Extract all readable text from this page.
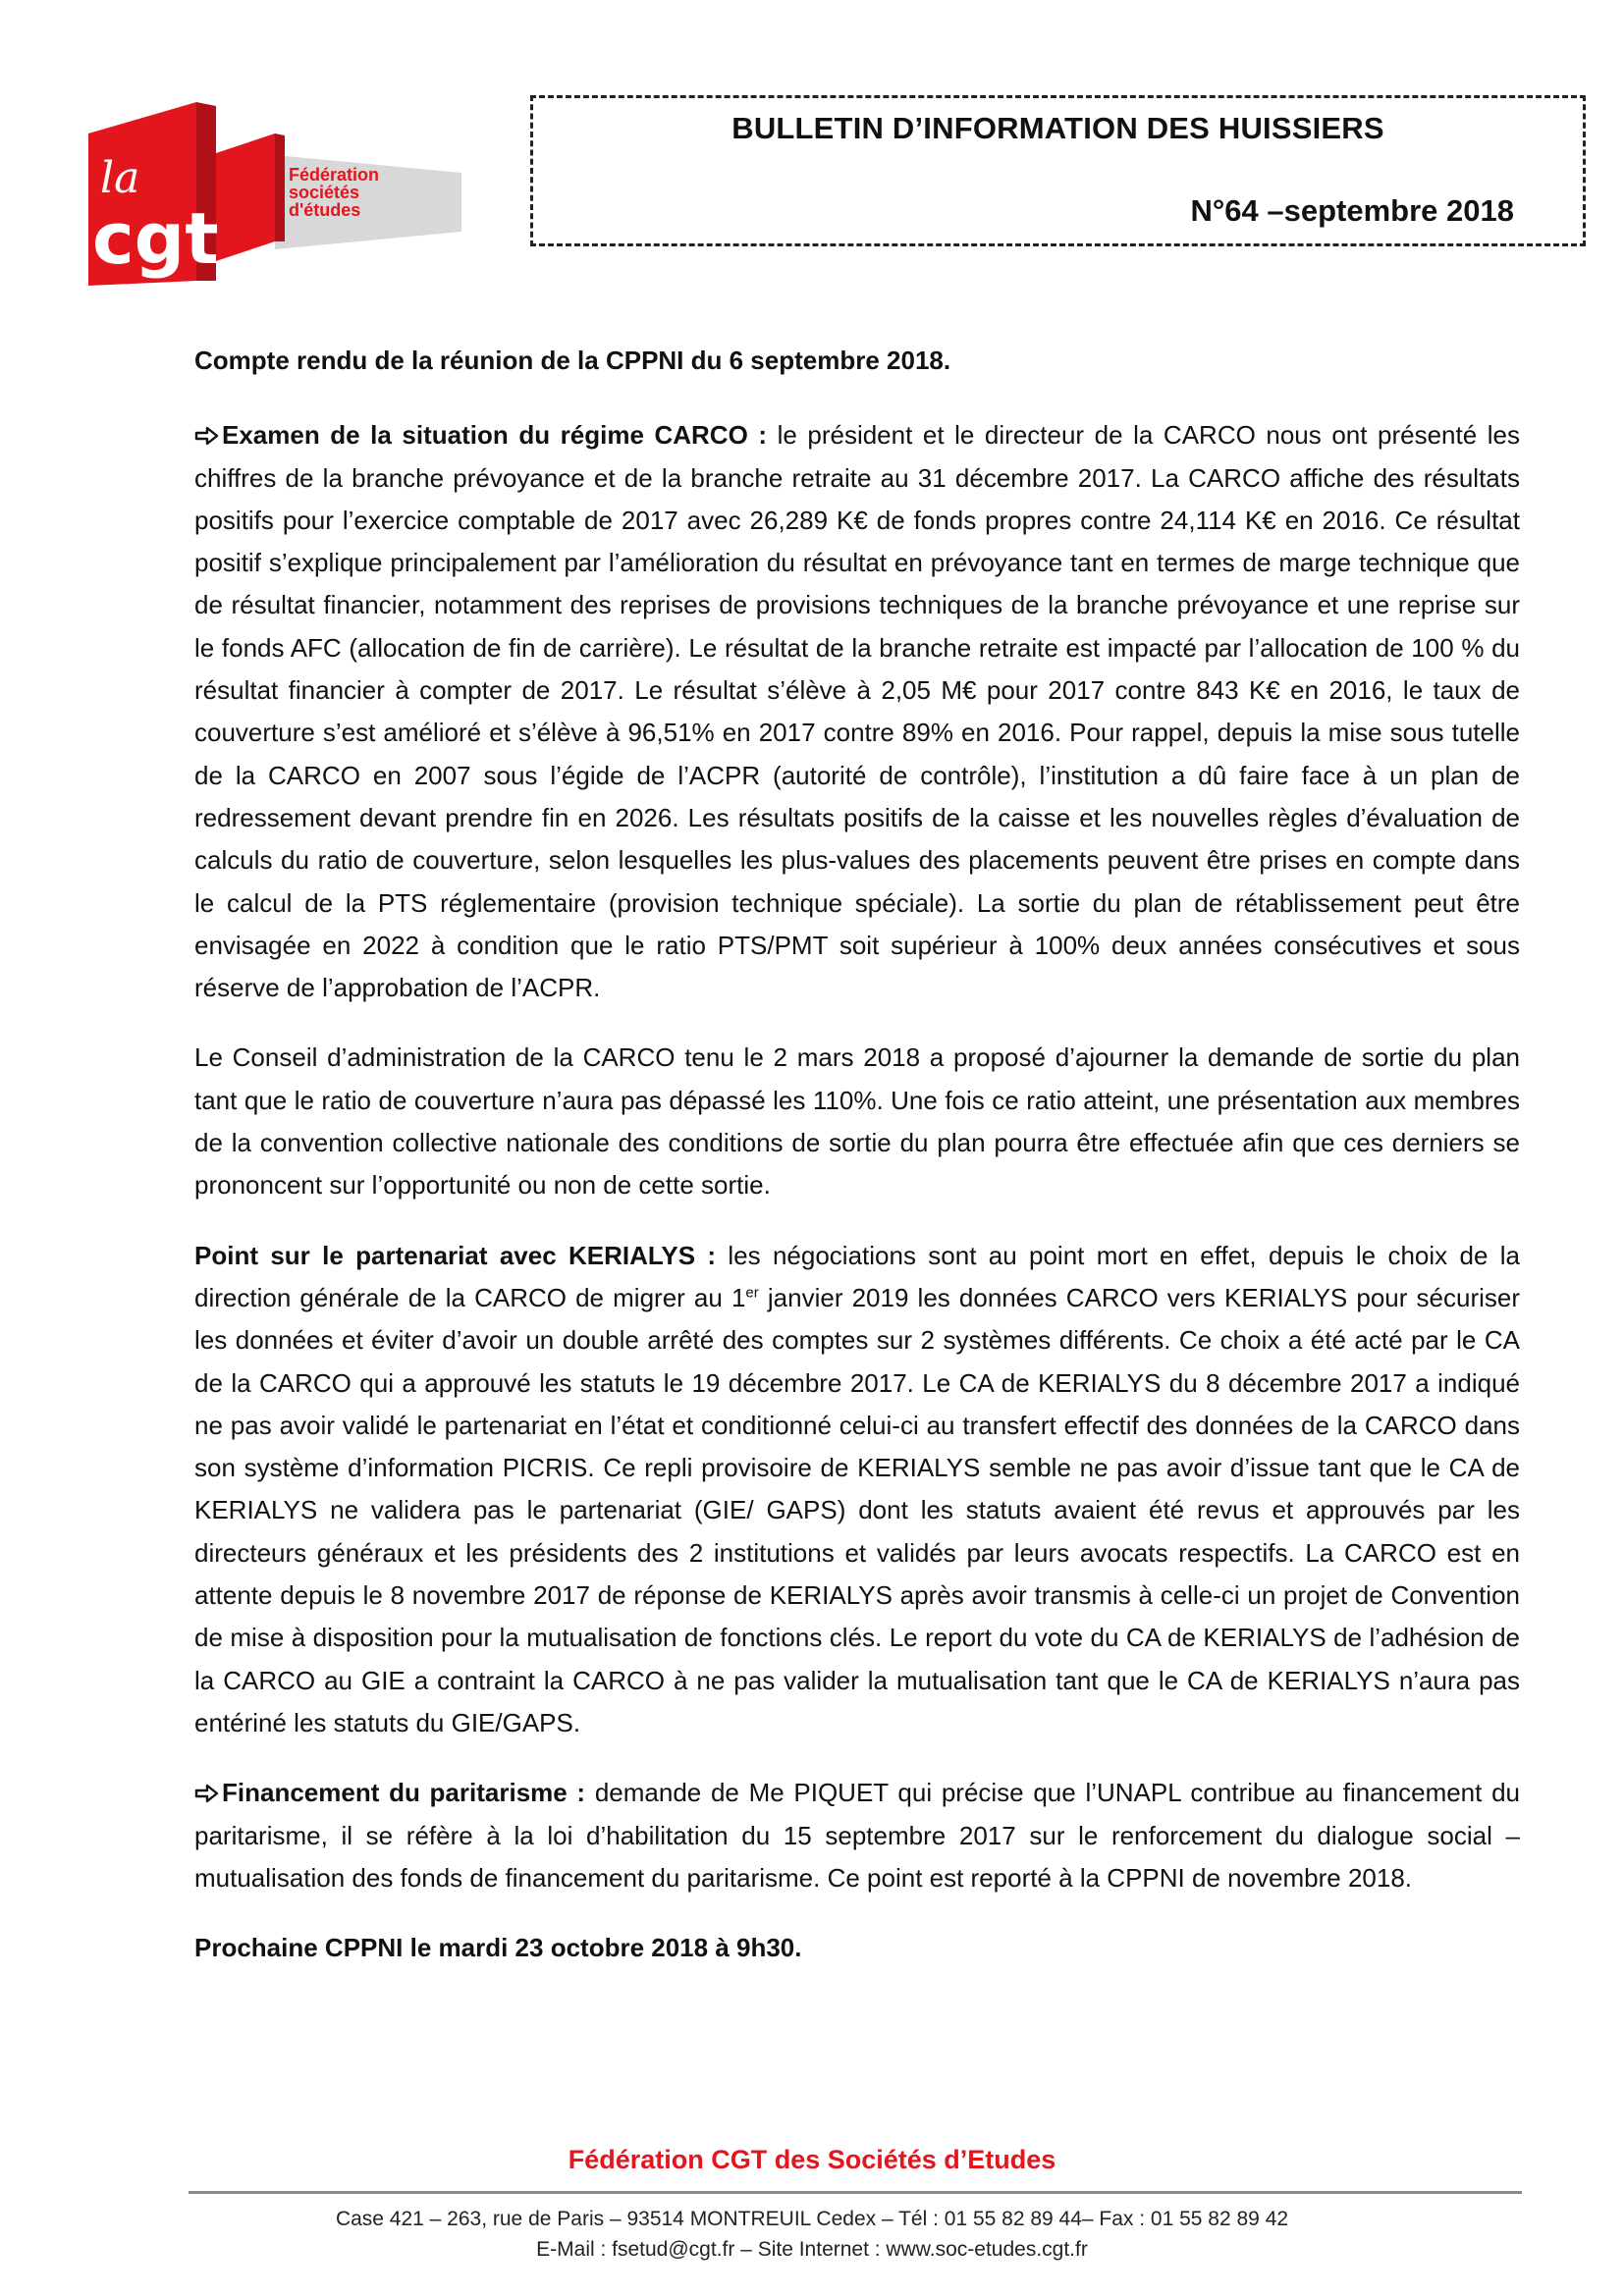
la
cgt
Fédération
sociétés
d'études
BULLETIN D’INFORMATION DES HUISSIERS
N°64 –septembre 2018

Compte rendu de la réunion de la CPPNI du 6 septembre 2018.

Examen de la situation du régime CARCO : le président et le directeur de la CARCO nous ont présenté les chiffres de la branche prévoyance et de la branche retraite au 31 décembre 2017. La CARCO affiche des résultats positifs pour l’exercice comptable de 2017 avec 26,289 K€ de fonds propres contre 24,114 K€ en 2016. Ce résultat positif s’explique principalement par l’amélioration du résultat en prévoyance tant en termes de marge technique que de résultat financier, notamment des reprises de provisions techniques de la branche prévoyance et une reprise sur le fonds AFC (allocation de fin de carrière). Le résultat de la branche retraite est impacté par l’allocation de 100 % du résultat financier à compter de 2017. Le résultat s’élève à 2,05 M€ pour 2017 contre 843 K€ en 2016, le taux de couverture s’est amélioré et s’élève à 96,51% en 2017 contre 89% en 2016. Pour rappel, depuis la mise sous tutelle de la CARCO en 2007 sous l’égide de l’ACPR (autorité de contrôle), l’institution a dû faire face à un plan de redressement devant prendre fin en 2026. Les résultats positifs de la caisse et les nouvelles règles d’évaluation de calculs du ratio de couverture, selon lesquelles les plus-values des placements peuvent être prises en compte dans le calcul de la PTS réglementaire (provision technique spéciale). La sortie du plan de rétablissement peut être envisagée en 2022 à condition que le ratio PTS/PMT soit supérieur à 100% deux années consécutives et sous réserve de l’approbation de l’ACPR.

Le Conseil d’administration de la CARCO tenu le 2 mars 2018 a proposé d’ajourner la demande de sortie du plan tant que le ratio de couverture n’aura pas dépassé les 110%. Une fois ce ratio atteint, une présentation aux membres de la convention collective nationale des conditions de sortie du plan pourra être effectuée afin que ces derniers se prononcent sur l’opportunité ou non de cette sortie.

Point sur le partenariat avec KERIALYS : les négociations sont au point mort en effet, depuis le choix de la direction générale de la CARCO de migrer au 1er janvier 2019 les données CARCO vers KERIALYS pour sécuriser les données et éviter d’avoir un double arrêté des comptes sur 2 systèmes différents. Ce choix a été acté par le CA de la CARCO qui a approuvé les statuts le 19 décembre 2017. Le CA de KERIALYS du 8 décembre 2017 a indiqué ne pas avoir validé le partenariat en l’état et conditionné celui-ci au transfert effectif des données de la CARCO dans son système d’information PICRIS. Ce repli provisoire de KERIALYS semble ne pas avoir d’issue tant que le CA de KERIALYS ne validera pas le partenariat (GIE/ GAPS) dont les statuts avaient été revus et approuvés par les directeurs généraux et les présidents des 2 institutions et validés par leurs avocats respectifs. La CARCO est en attente depuis le 8 novembre 2017 de réponse de KERIALYS après avoir transmis à celle-ci un projet de Convention de mise à disposition pour la mutualisation de fonctions clés. Le report du vote du CA de KERIALYS de l’adhésion de la CARCO au GIE a contraint la CARCO à ne pas valider la mutualisation tant que le CA de KERIALYS n’aura pas entériné les statuts du GIE/GAPS.

Financement du paritarisme : demande de Me PIQUET qui précise que l’UNAPL contribue au financement du paritarisme, il se réfère à la loi d’habilitation du 15 septembre 2017 sur le renforcement du dialogue social –mutualisation des fonds de financement du paritarisme. Ce point est reporté à la CPPNI de novembre 2018.

Prochaine CPPNI le mardi 23 octobre 2018 à 9h30.

Fédération CGT des Sociétés d’Etudes
Case 421 – 263, rue de Paris – 93514 MONTREUIL Cedex – Tél : 01 55 82 89 44– Fax : 01 55 82 89 42
E-Mail : fsetud@cgt.fr – Site Internet : www.soc-etudes.cgt.fr
